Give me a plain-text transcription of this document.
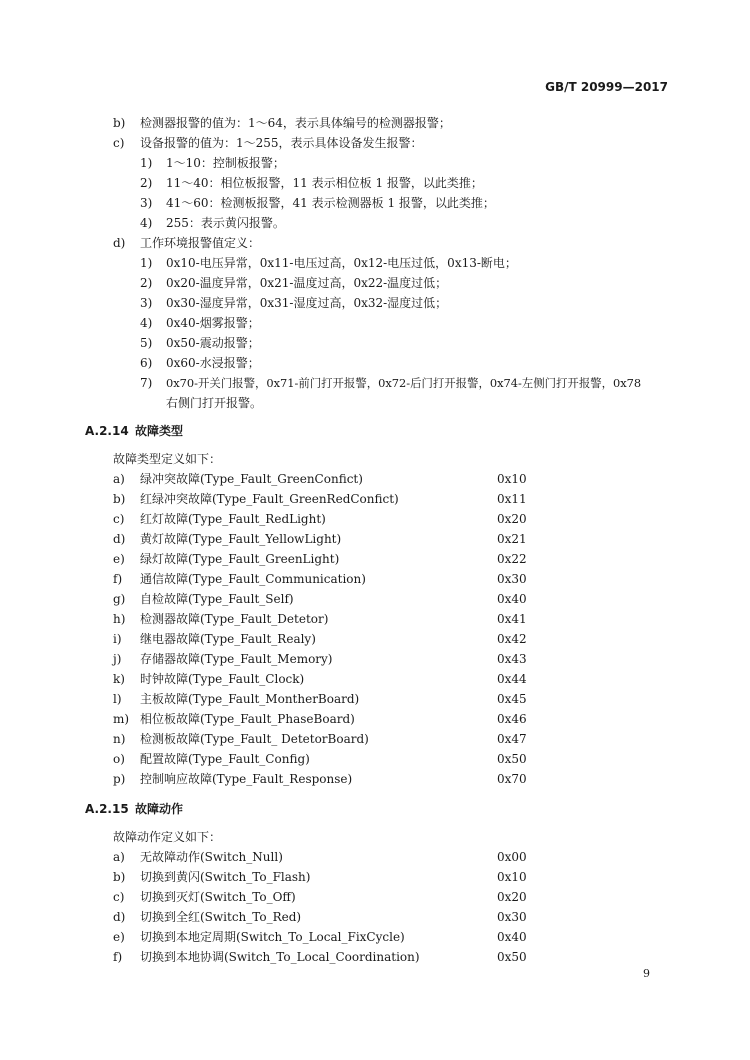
GB/T 20999—2017
b) 检测器报警的值为：1～64，表示具体编号的检测器报警；
c) 设备报警的值为：1～255，表示具体设备发生报警：
1) 1～10：控制板报警；
2) 11～40：相位板报警，11 表示相位板 1 报警，以此类推；
3) 41～60：检测板报警，41 表示检测器板 1 报警，以此类推；
4) 255：表示黄闪报警。
d) 工作环境报警值定义：
1) 0x10-电压异常，0x11-电压过高，0x12-电压过低，0x13-断电；
2) 0x20-温度异常，0x21-温度过高，0x22-温度过低；
3) 0x30-湿度异常，0x31-湿度过高，0x32-湿度过低；
4) 0x40-烟雾报警；
5) 0x50-震动报警；
6) 0x60-水浸报警；
7) 0x70-开关门报警，0x71-前门打开报警，0x72-后门打开报警，0x74-左侧门打开报警，0x78
右侧门打开报警。
A.2.14 故障类型
故障类型定义如下：
a) 绿冲突故障(Type_Fault_GreenConfict)	0x10
b) 红绿冲突故障(Type_Fault_GreenRedConfict)	0x11
c) 红灯故障(Type_Fault_RedLight)	0x20
d) 黄灯故障(Type_Fault_YellowLight)	0x21
e) 绿灯故障(Type_Fault_GreenLight)	0x22
f) 通信故障(Type_Fault_Communication)	0x30
g) 自检故障(Type_Fault_Self)	0x40
h) 检测器故障(Type_Fault_Detetor)	0x41
i) 继电器故障(Type_Fault_Realy)	0x42
j) 存储器故障(Type_Fault_Memory)	0x43
k) 时钟故障(Type_Fault_Clock)	0x44
l) 主板故障(Type_Fault_MontherBoard)	0x45
m) 相位板故障(Type_Fault_PhaseBoard)	0x46
n) 检测板故障(Type_Fault_ DetetorBoard)	0x47
o) 配置故障(Type_Fault_Config)	0x50
p) 控制响应故障(Type_Fault_Response)	0x70
A.2.15 故障动作
故障动作定义如下：
a) 无故障动作(Switch_Null)	0x00
b) 切换到黄闪(Switch_To_Flash)	0x10
c) 切换到灭灯(Switch_To_Off)	0x20
d) 切换到全红(Switch_To_Red)	0x30
e) 切换到本地定周期(Switch_To_Local_FixCycle)	0x40
f) 切换到本地协调(Switch_To_Local_Coordination)	0x50
9
